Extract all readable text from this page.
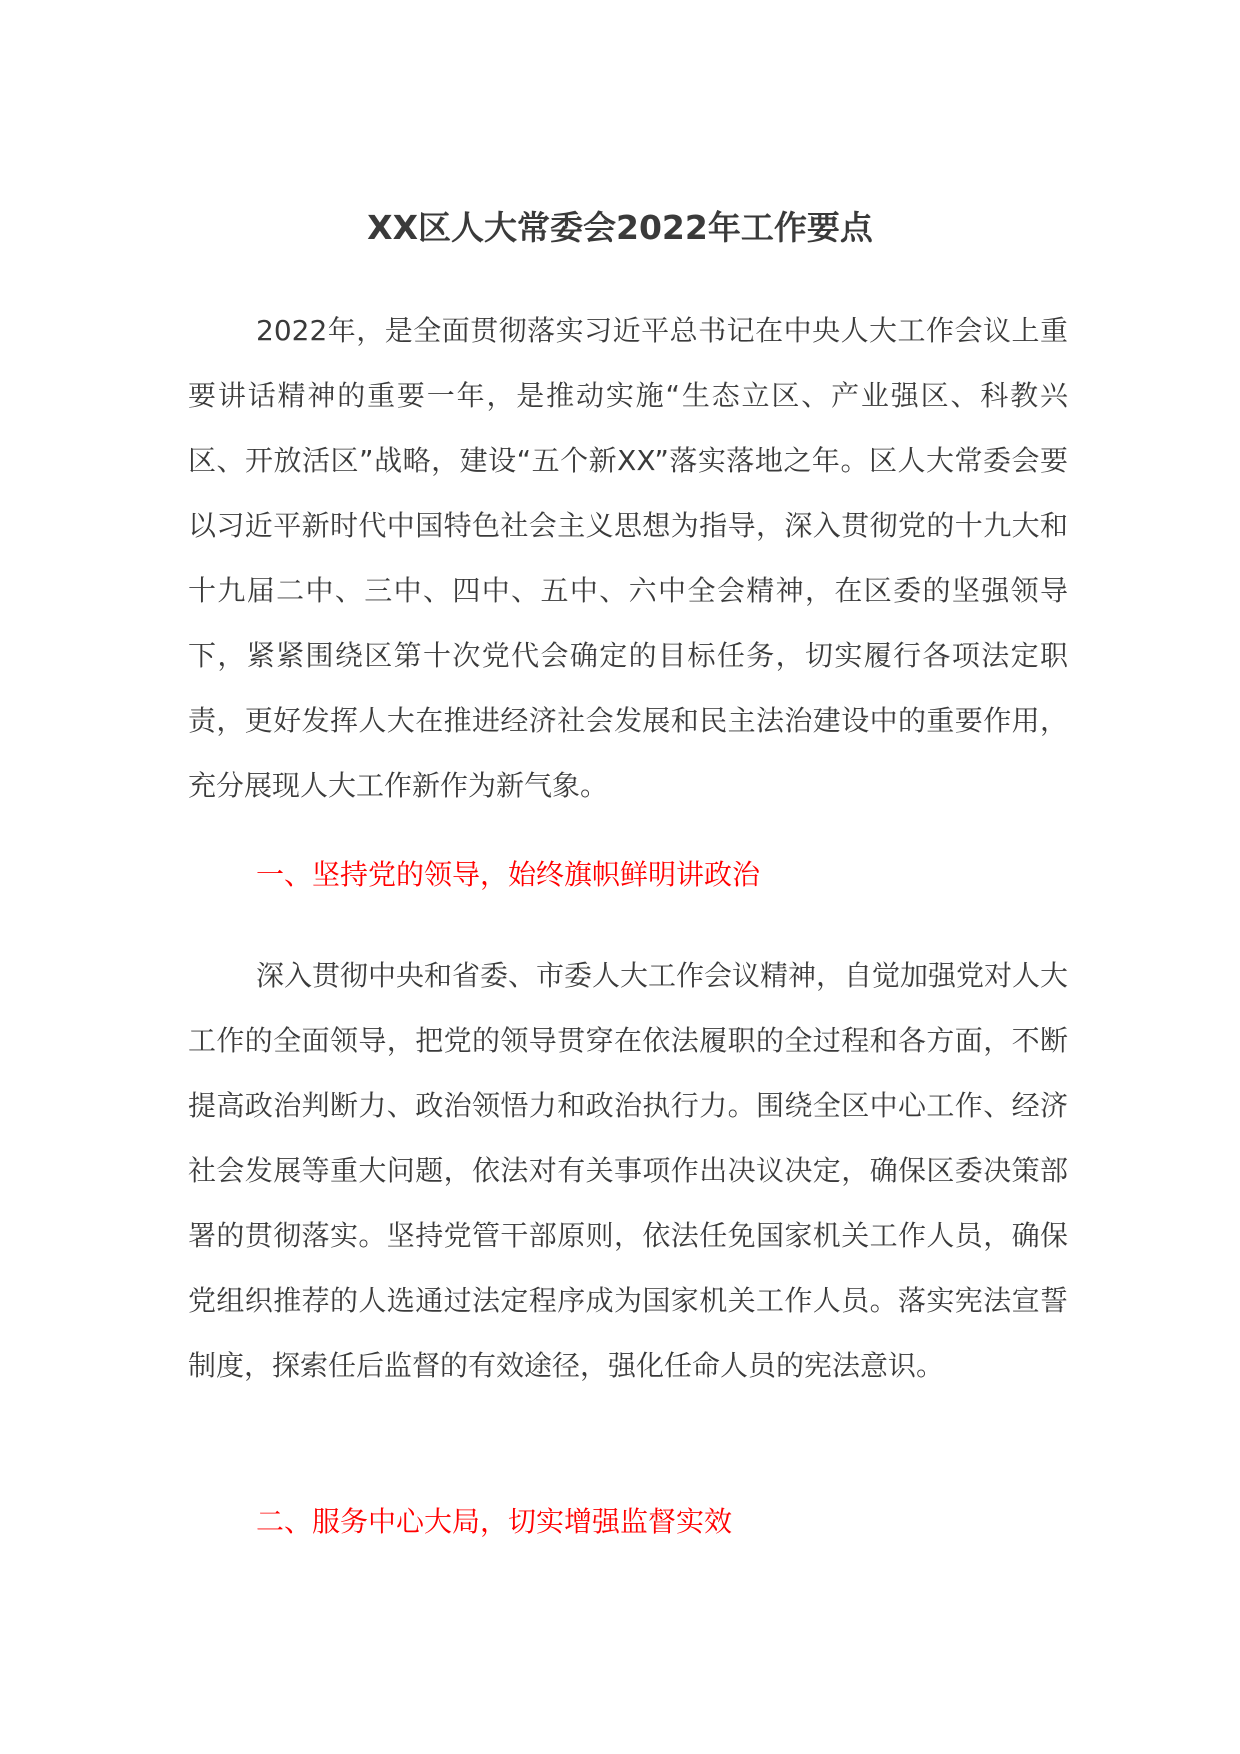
XX区人大常委会2022年工作要点

2022年，是全面贯彻落实习近平总书记在中央人大工作会议上重要讲话精神的重要一年，是推动实施“生态立区、产业强区、科教兴区、开放活区”战略，建设“五个新XX”落实落地之年。区人大常委会要以习近平新时代中国特色社会主义思想为指导，深入贯彻党的十九大和十九届二中、三中、四中、五中、六中全会精神，在区委的坚强领导下，紧紧围绕区第十次党代会确定的目标任务，切实履行各项法定职责，更好发挥人大在推进经济社会发展和民主法治建设中的重要作用，充分展现人大工作新作为新气象。

一、坚持党的领导，始终旗帜鲜明讲政治

深入贯彻中央和省委、市委人大工作会议精神，自觉加强党对人大工作的全面领导，把党的领导贯穿在依法履职的全过程和各方面，不断提高政治判断力、政治领悟力和政治执行力。围绕全区中心工作、经济社会发展等重大问题，依法对有关事项作出决议决定，确保区委决策部署的贯彻落实。坚持党管干部原则，依法任免国家机关工作人员，确保党组织推荐的人选通过法定程序成为国家机关工作人员。落实宪法宣誓制度，探索任后监督的有效途径，强化任命人员的宪法意识。

二、服务中心大局，切实增强监督实效
